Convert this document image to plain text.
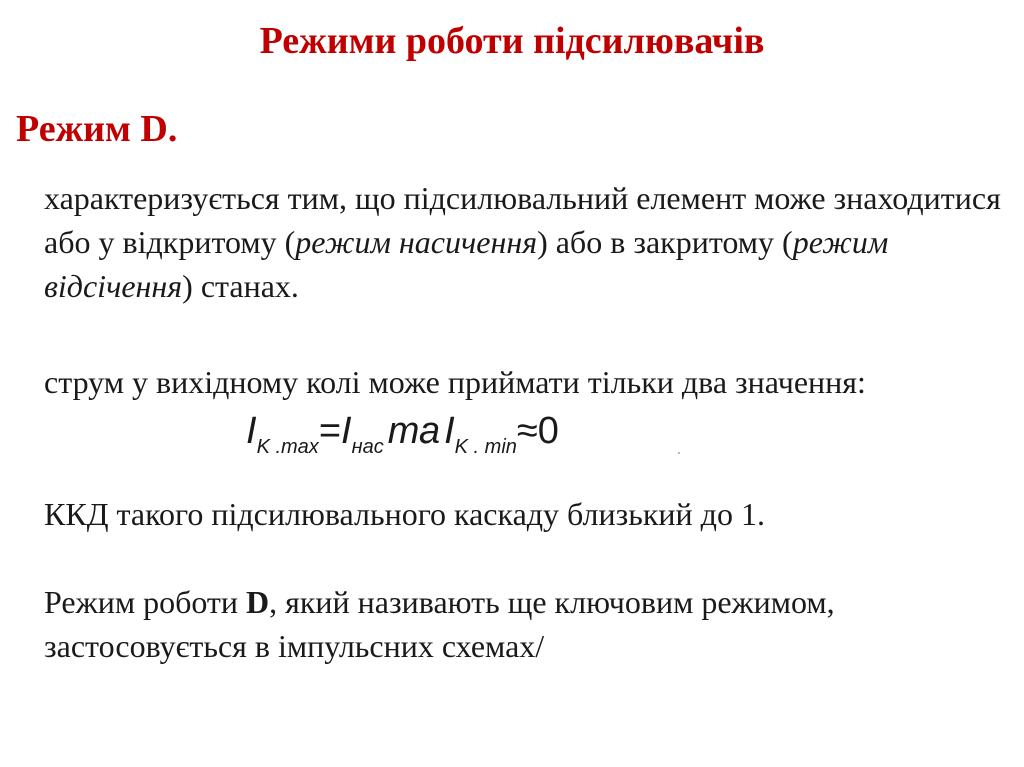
Режими роботи підсилювачів
Режим D.
характеризується тим, що підсилювальний елемент може знаходитися або у відкритому (режим насичення) або в закритому (режим відсічення) станах.
струм у вихідному колі може приймати тільки два значення:
$I_{K .max}=I_{нас}$ та $I_{K . min}\approx 0$
ККД такого підсилювального каскаду близький до 1.
Режим роботи D, який називають ще ключовим режимом, застосовується в імпульсних схемах/
